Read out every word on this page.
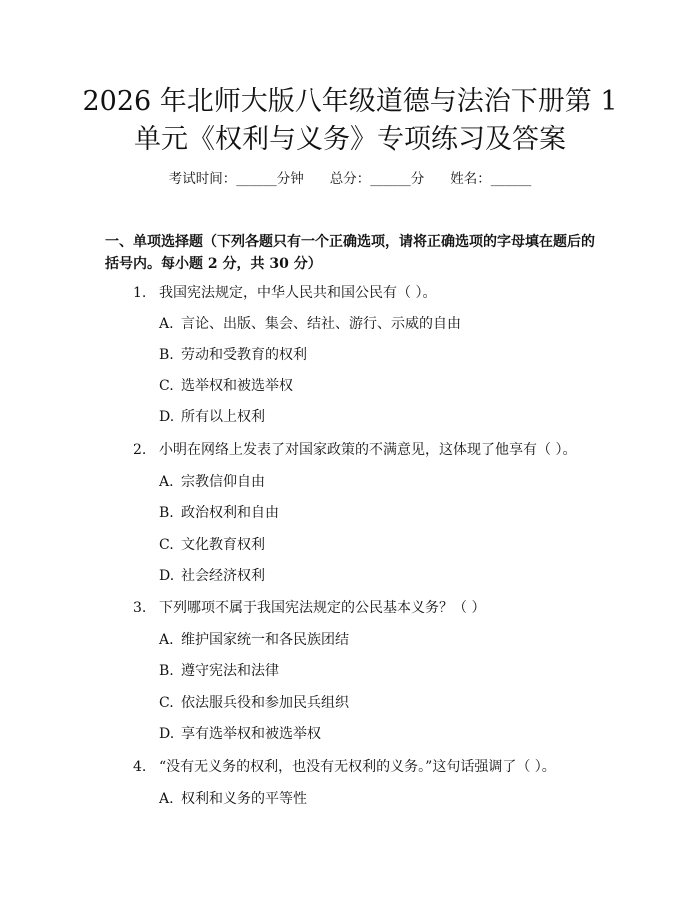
2026 年北师大版八年级道德与法治下册第 1
单元《权利与义务》专项练习及答案
考试时间：______分钟 总分：______分 姓名：______

一、单项选择题（下列各题只有一个正确选项，请将正确选项的字母填在题后的括号内。每小题 2 分，共 30 分）

1. 我国宪法规定，中华人民共和国公民有（ ）。
A. 言论、出版、集会、结社、游行、示威的自由
B. 劳动和受教育的权利
C. 选举权和被选举权
D. 所有以上权利
2. 小明在网络上发表了对国家政策的不满意见，这体现了他享有（ ）。
A. 宗教信仰自由
B. 政治权利和自由
C. 文化教育权利
D. 社会经济权利
3. 下列哪项不属于我国宪法规定的公民基本义务？（ ）
A. 维护国家统一和各民族团结
B. 遵守宪法和法律
C. 依法服兵役和参加民兵组织
D. 享有选举权和被选举权
4. “没有无义务的权利，也没有无权利的义务。”这句话强调了（ ）。
A. 权利和义务的平等性
